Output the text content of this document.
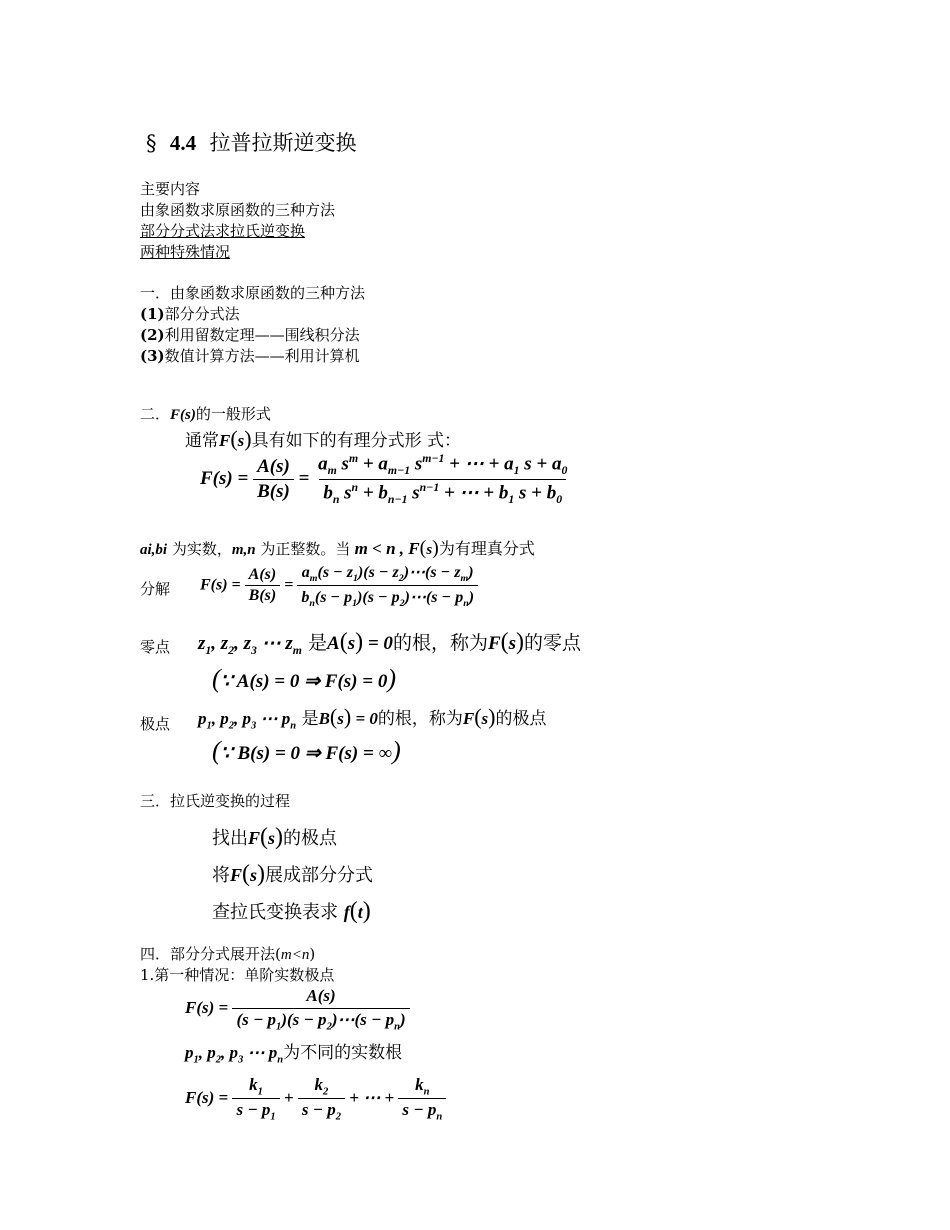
§ 4.4 拉普拉斯逆变换
主要内容
由象函数求原函数的三种方法
部分分式法求拉氏逆变换
两种特殊情况
一．由象函数求原函数的三种方法
(1)部分分式法
(2)利用留数定理——围线积分法
(3)数值计算方法——利用计算机
二．F(s)的一般形式
通常F(s)具有如下的有理分式形 式：
$F(s) = \frac{A(s)}{B(s)} = \frac{a_m s^m + a_{m-1} s^{m-1} + \cdots + a_1 s + a_0}{b_n s^n + b_{n-1} s^{n-1} + \cdots + b_1 s + b_0}$
ai,bi 为实数，m,n 为正整数。当 m < n , F(s)为有理真分式
分解 $F(s) = \frac{A(s)}{B(s)} = \frac{a_m(s - z_1)(s - z_2)\cdots(s - z_m)}{b_n(s - p_1)(s - p_2)\cdots(s - p_n)}$
零点 $z_1$, $z_2$, $z_3$ ⋯ $z_m$ 是A(s) = 0的根，称为F(s)的零点
(∵ A(s) = 0 ⇒ F(s) = 0)
极点 $p_1$, $p_2$, $p_3$ ⋯ $p_n$ 是B(s) = 0的根，称为F(s)的极点
(∵ B(s) = 0 ⇒ F(s) = ∞)
三．拉氏逆变换的过程
找出F(s)的极点
将F(s)展成部分分式
查拉氏变换表求 f(t)
四．部分分式展开法(m<n)
1.第一种情况：单阶实数极点
$F(s) = \frac{A(s)}{(s - p_1)(s - p_2)\cdots(s - p_n)}$
$p_1$, $p_2$, $p_3$ ⋯ $p_n$为不同的实数根
$F(s) = \frac{k_1}{s - p_1} + \frac{k_2}{s - p_2}$ + ⋯ + $\frac{k_n}{s - p_n}$
